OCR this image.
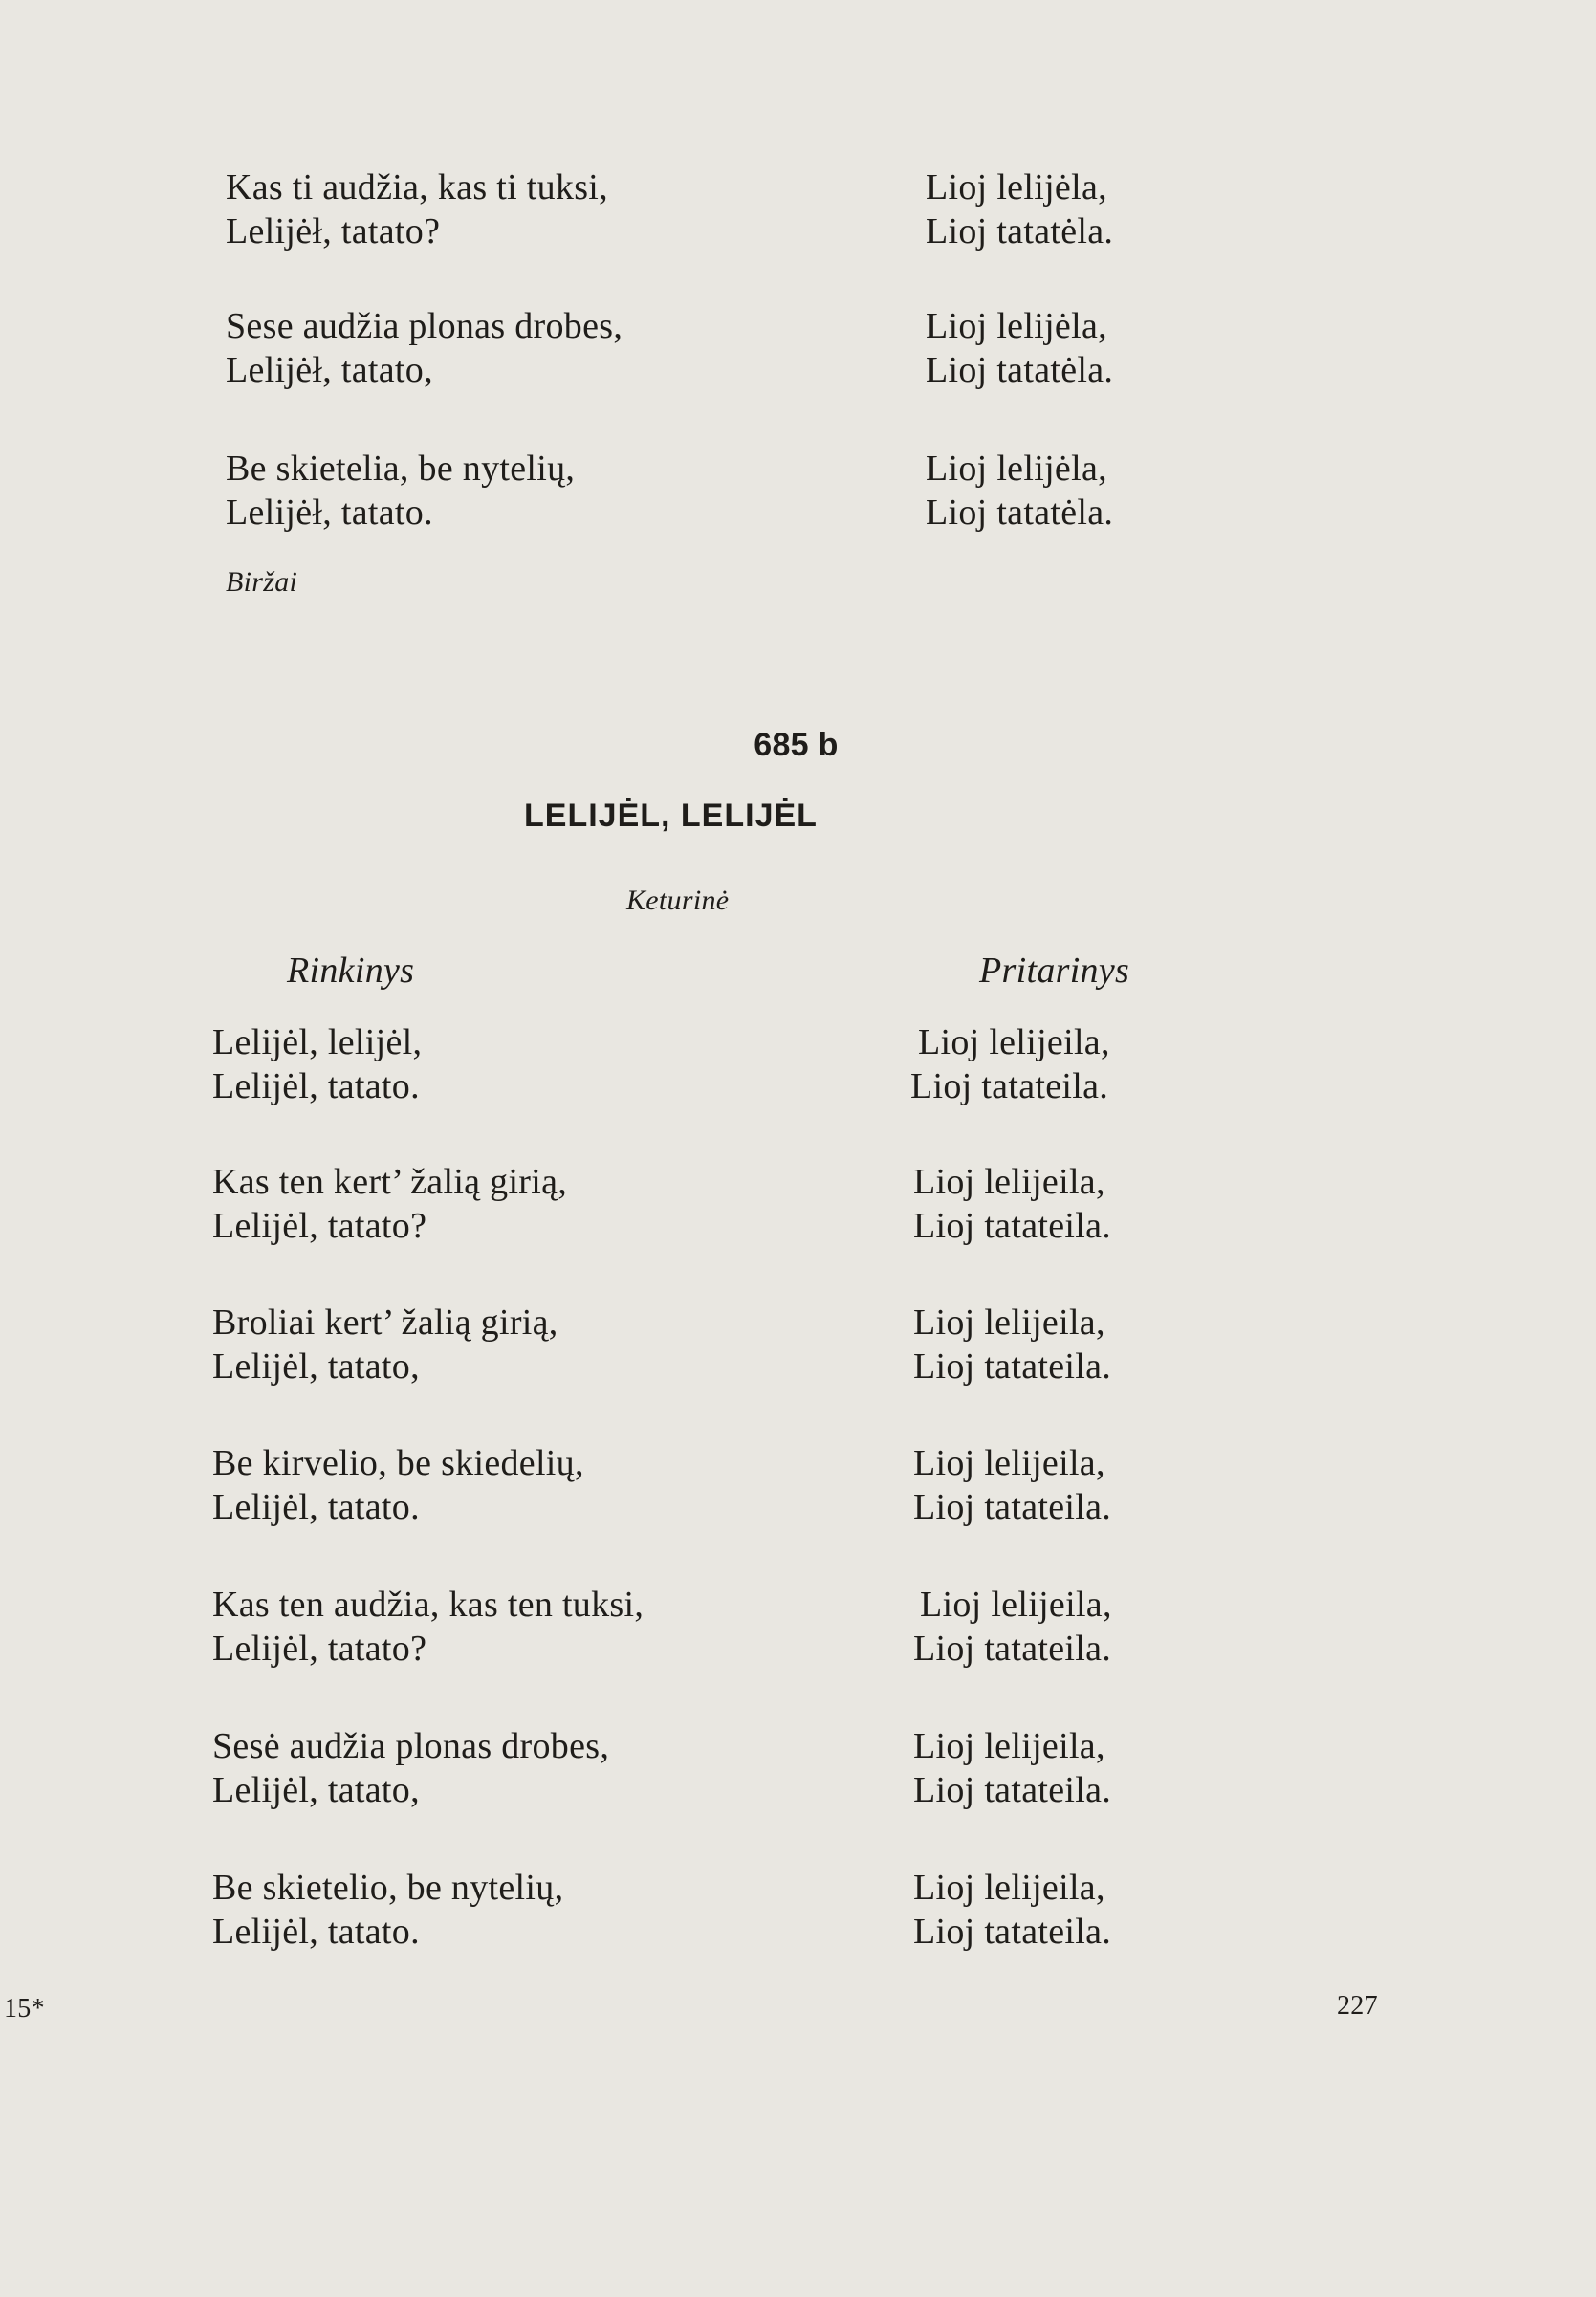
Kas ti audžia, kas ti tuksi,
Lelijėł, tatato?
Lioj lelijėla,
Lioj tatatėla.
Sese audžia plonas drobes,
Lelijėł, tatato,
Lioj lelijėla,
Lioj tatatėla.
Be skietelia, be nytelių,
Lelijėł, tatato.
Lioj lelijėla,
Lioj tatatėla.
Biržai
685 b
LELIJĖL, LELIJĖL
Keturinė
Rinkinys	Pritarinys
Lelijėl, lelijėl,
Lelijėl, tatato.
Lioj lelijeila,
Lioj tatateila.
Kas ten kert’ žalią girią,
Lelijėl, tatato?
Lioj lelijeila,
Lioj tatateila.
Broliai kert’ žalią girią,
Lelijėl, tatato,
Lioj lelijeila,
Lioj tatateila.
Be kirvelio, be skiedelių,
Lelijėl, tatato.
Lioj lelijeila,
Lioj tatateila.
Kas ten audžia, kas ten tuksi,
Lelijėl, tatato?
Lioj lelijeila,
Lioj tatateila.
Sesė audžia plonas drobes,
Lelijėl, tatato,
Lioj lelijeila,
Lioj tatateila.
Be skietelio, be nytelių,
Lelijėl, tatato.
Lioj lelijeila,
Lioj tatateila.
15*	227
